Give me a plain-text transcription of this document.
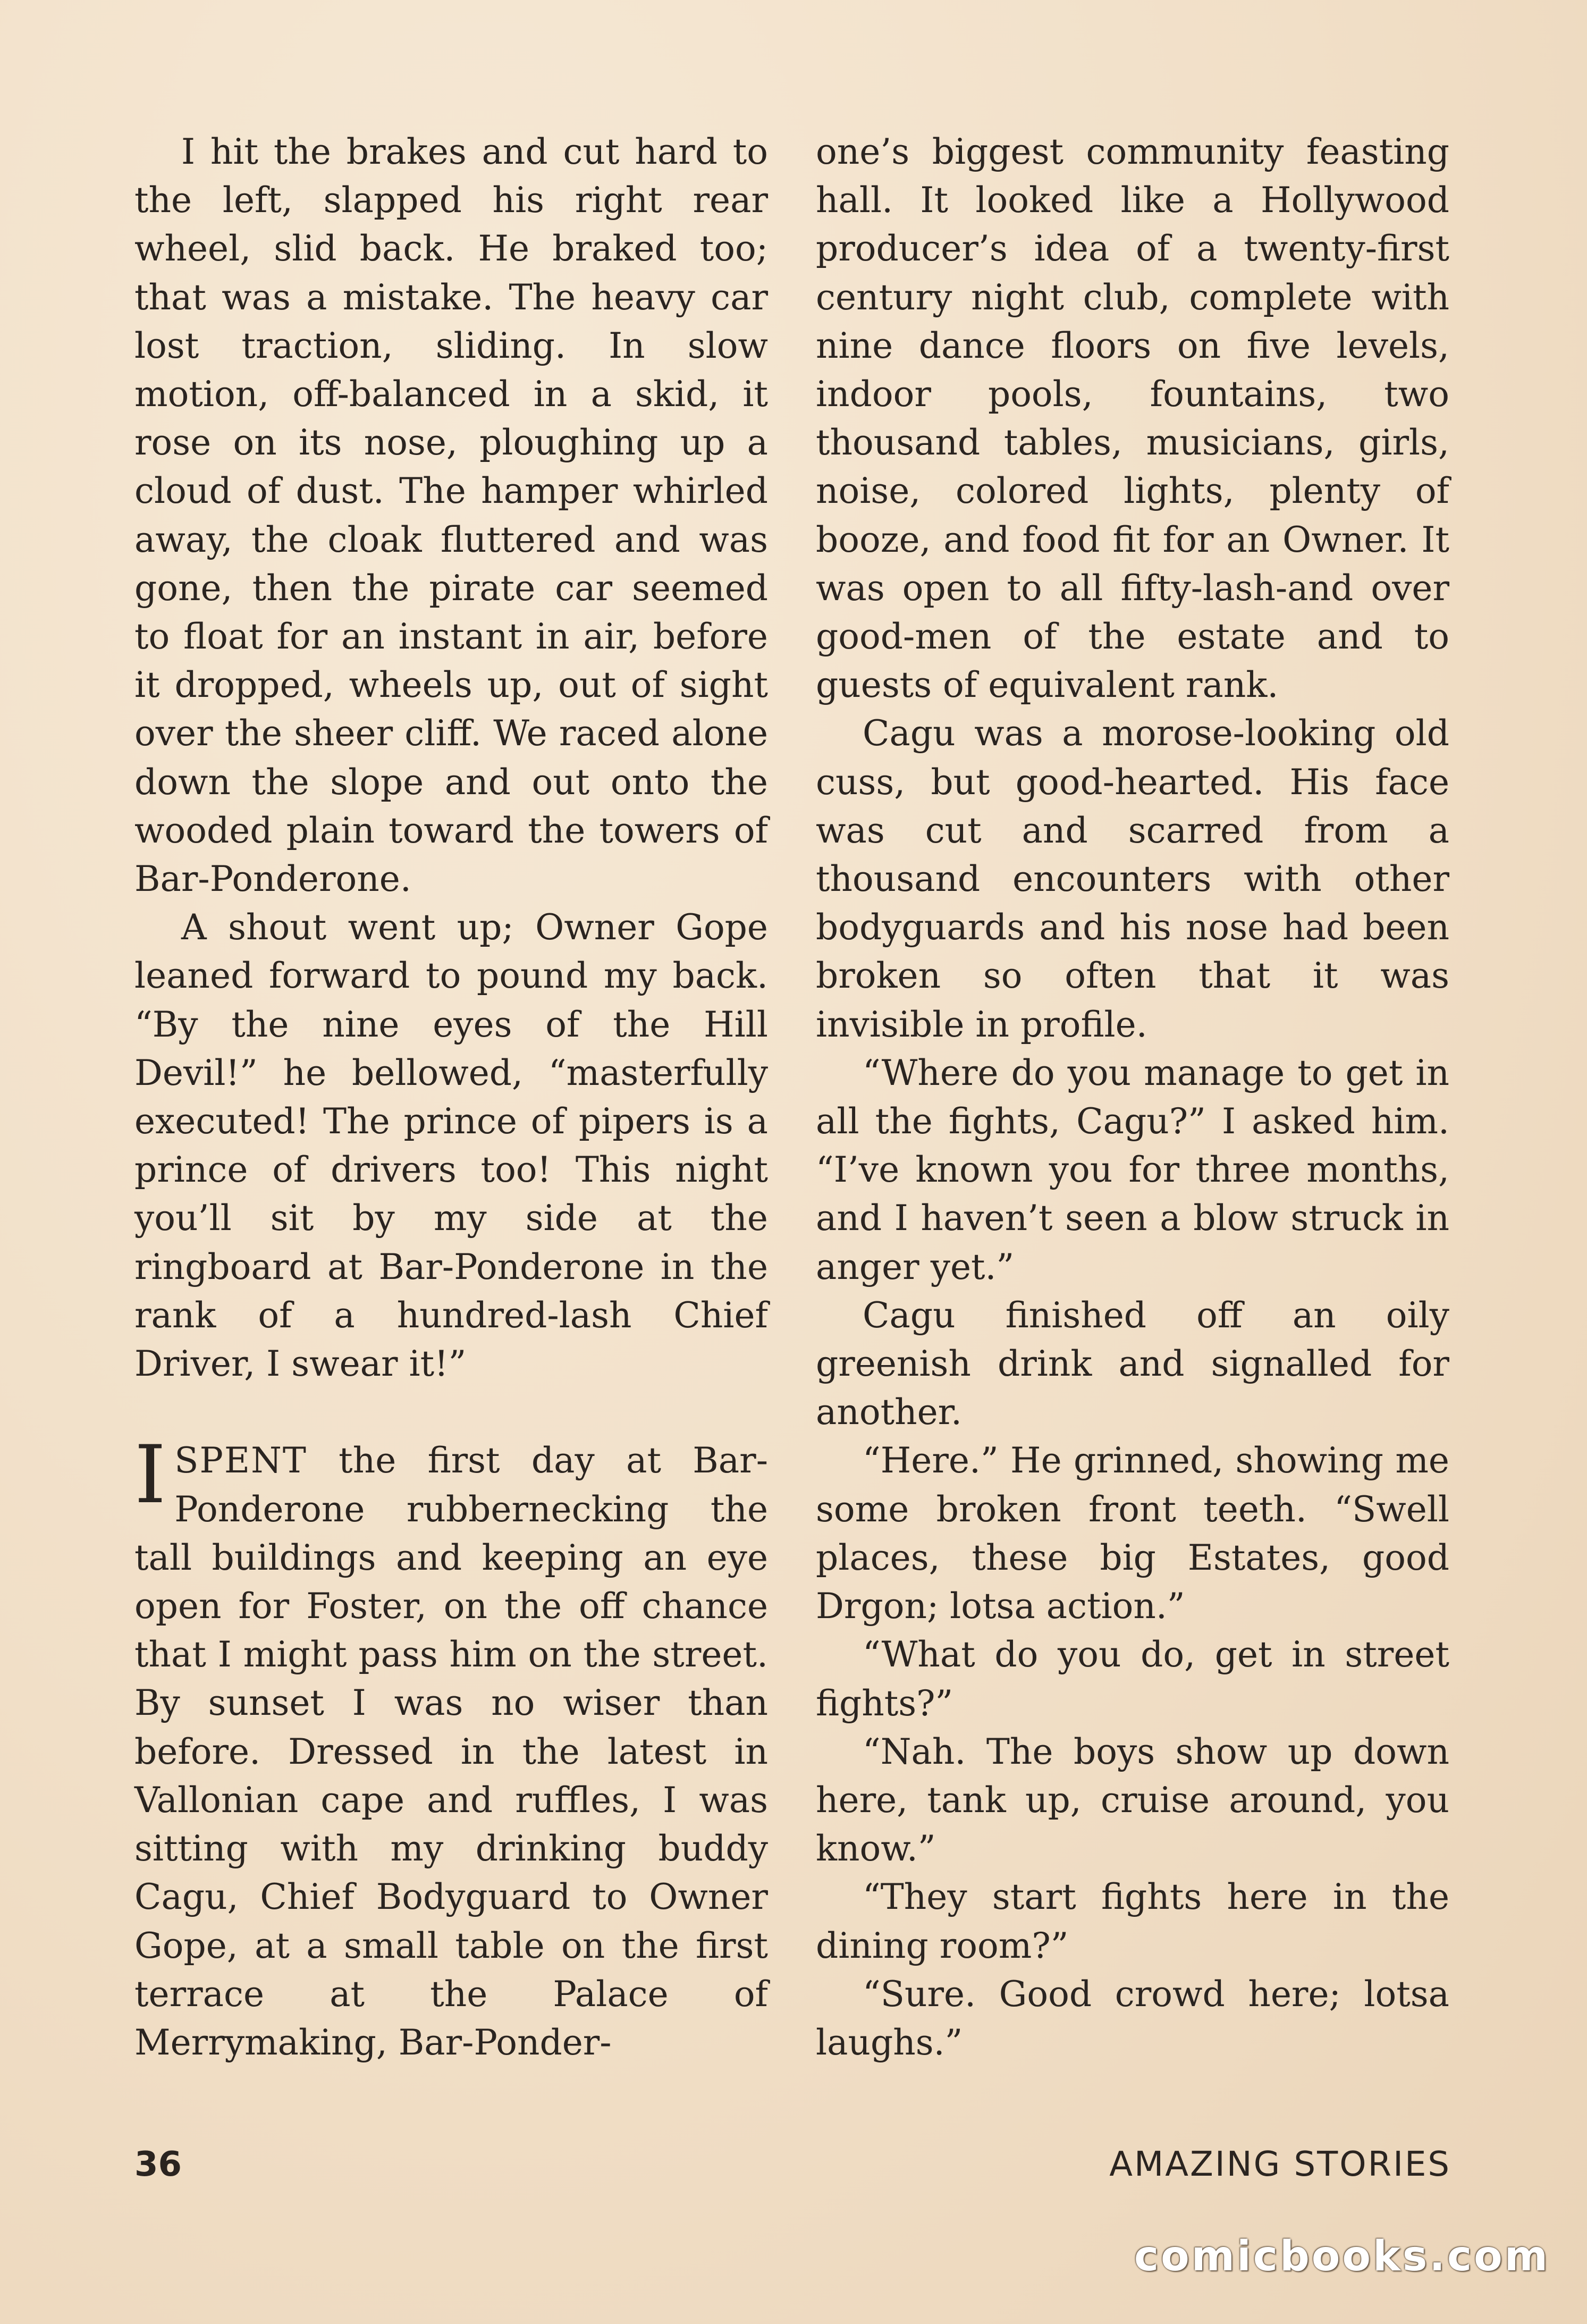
I hit the brakes and cut hard to the left, slapped his right rear wheel, slid back. He braked too; that was a mistake. The heavy car lost traction, sliding. In slow motion, off-balanced in a skid, it rose on its nose, ploughing up a cloud of dust. The hamper whirled away, the cloak fluttered and was gone, then the pirate car seemed to float for an instant in air, before it dropped, wheels up, out of sight over the sheer cliff. We raced alone down the slope and out onto the wooded plain toward the towers of Bar-Ponderone.

A shout went up; Owner Gope leaned forward to pound my back. “By the nine eyes of the Hill Devil!” he bellowed, “masterfully executed! The prince of pipers is a prince of drivers too! This night you’ll sit by my side at the ringboard at Bar-Ponderone in the rank of a hundred-lash Chief Driver, I swear it!”

ISPENT the first day at Bar-Ponderone rubbernecking the tall buildings and keeping an eye open for Foster, on the off chance that I might pass him on the street. By sunset I was no wiser than before. Dressed in the latest in Vallonian cape and ruffles, I was sitting with my drinking buddy Cagu, Chief Bodyguard to Owner Gope, at a small table on the first terrace at the Palace of Merrymaking, Bar-Ponder-

one’s biggest community feasting hall. It looked like a Hollywood producer’s idea of a twenty-first century night club, complete with nine dance floors on five levels, indoor pools, fountains, two thousand tables, musicians, girls, noise, colored lights, plenty of booze, and food fit for an Owner. It was open to all fifty-lash-and over good-men of the estate and to guests of equivalent rank.

Cagu was a morose-looking old cuss, but good-hearted. His face was cut and scarred from a thousand encounters with other bodyguards and his nose had been broken so often that it was invisible in profile.

“Where do you manage to get in all the fights, Cagu?” I asked him. “I’ve known you for three months, and I haven’t seen a blow struck in anger yet.”

Cagu finished off an oily greenish drink and signalled for another.

“Here.” He grinned, showing me some broken front teeth. “Swell places, these big Estates, good Drgon; lotsa action.”

“What do you do, get in street fights?”

“Nah. The boys show up down here, tank up, cruise around, you know.”

“They start fights here in the dining room?”

“Sure. Good crowd here; lotsa laughs.”

36	AMAZING STORIES
comicbooks.com
